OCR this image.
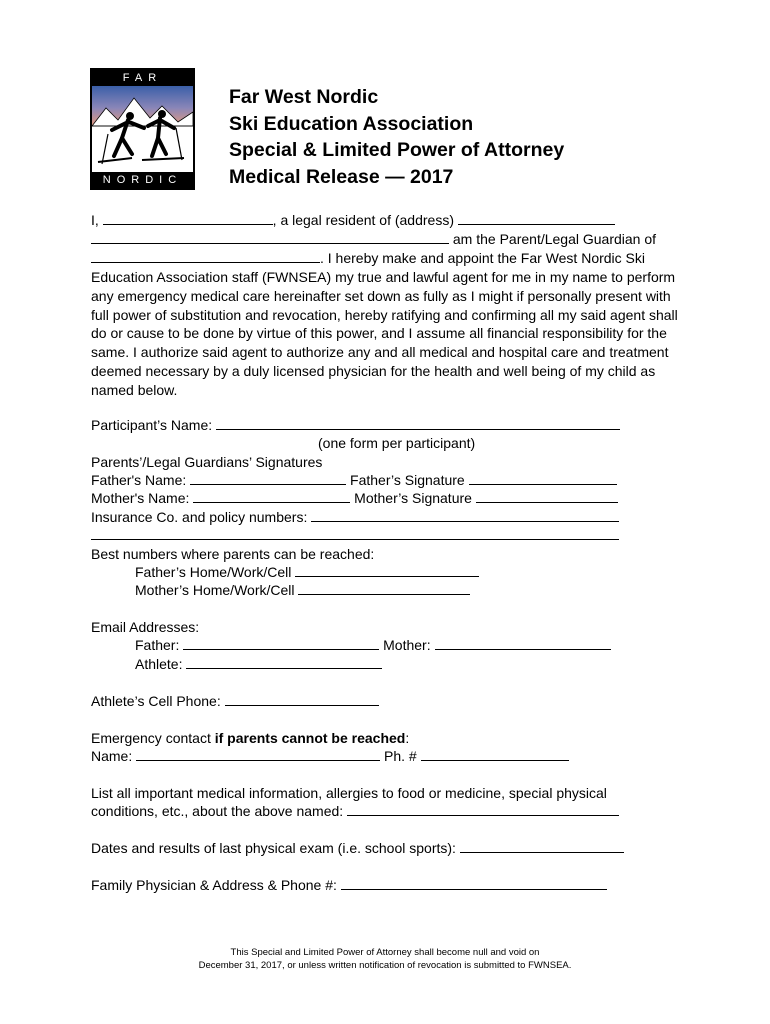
FAR
NORDIC
Far West Nordic
Ski Education Association
Special & Limited Power of Attorney
Medical Release — 2017

I,	, a legal resident of (address)

am the Parent/Legal Guardian of

. I hereby make and appoint the Far West Nordic Ski

Education Association staff (FWNSEA) my true and lawful agent for me in my name to perform any emergency medical care hereinafter set down as fully as I might if personally present with full power of substitution and revocation, hereby ratifying and confirming all my said agent shall do or cause to be done by virtue of this power, and I assume all financial responsibility for the same. I authorize said agent to authorize any and all medical and hospital care and treatment deemed necessary by a duly licensed physician for the health and well being of my child as named below.

Participant’s Name:
(one form per participant)
Parents’/Legal Guardians’ Signatures
Father's Name:	Father’s Signature
Mother's Name:	Mother’s Signature
Insurance Co. and policy numbers:
Best numbers where parents can be reached:
Father’s Home/Work/Cell
Mother’s Home/Work/Cell
Email Addresses:
Father:	Mother:
Athlete:
Athlete’s Cell Phone:
Emergency contact if parents cannot be reached:
Name:	Ph. #
List all important medical information, allergies to food or medicine, special physical
conditions, etc., about the above named:
Dates and results of last physical exam (i.e. school sports):
Family Physician & Address & Phone #:
This Special and Limited Power of Attorney shall become null and void on
December 31, 2017, or unless written notification of revocation is submitted to FWNSEA.
